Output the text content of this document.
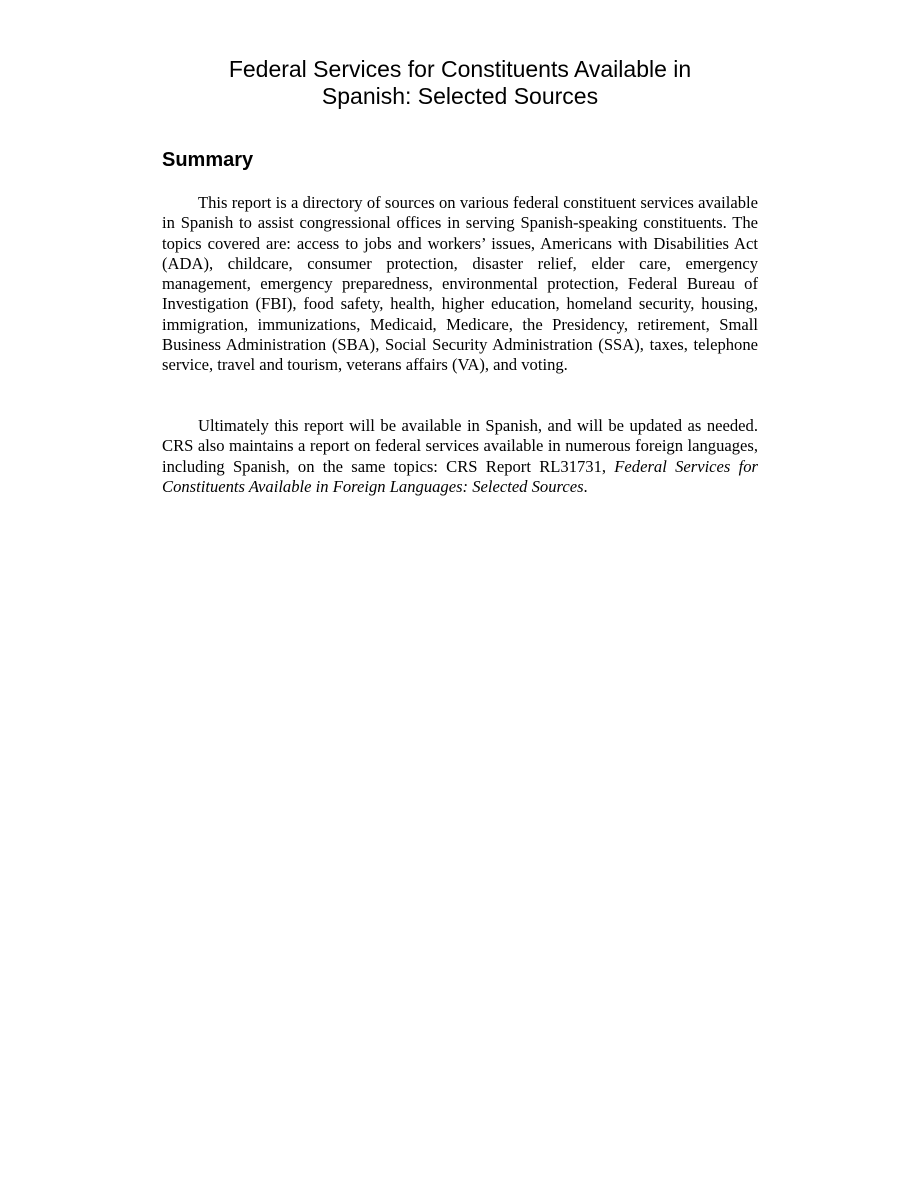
Federal Services for Constituents Available in
Spanish: Selected Sources
Summary

This report is a directory of sources on various federal constituent services available in Spanish to assist congressional offices in serving Spanish-speaking constituents. The topics covered are: access to jobs and workers’ issues, Americans with Disabilities Act (ADA), childcare, consumer protection, disaster relief, elder care, emergency management, emergency preparedness, environmental protection, Federal Bureau of Investigation (FBI), food safety, health, higher education, homeland security, housing, immigration, immunizations, Medicaid, Medicare, the Presidency, retirement, Small Business Administration (SBA), Social Security Administration (SSA), taxes, telephone service, travel and tourism, veterans affairs (VA), and voting.

Ultimately this report will be available in Spanish, and will be updated as needed. CRS also maintains a report on federal services available in numerous foreign languages, including Spanish, on the same topics: CRS Report RL31731, Federal Services for Constituents Available in Foreign Languages: Selected Sources.
